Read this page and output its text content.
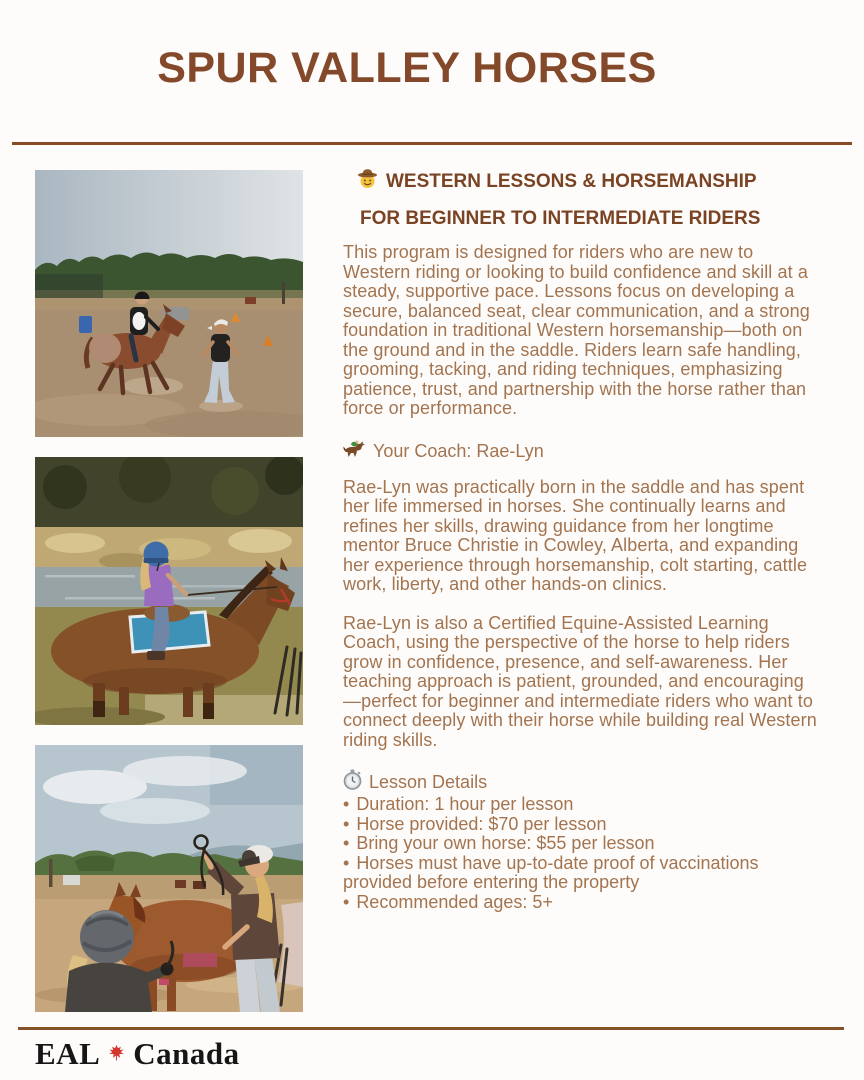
SPUR VALLEY HORSES
WESTERN LESSONS & HORSEMANSHIP
FOR BEGINNER TO INTERMEDIATE RIDERS

This program is designed for riders who are new to Western riding or looking to build confidence and skill at a steady, supportive pace. Lessons focus on developing a secure, balanced seat, clear communication, and a strong foundation in traditional Western horsemanship—both on the ground and in the saddle. Riders learn safe handling, grooming, tacking, and riding techniques, emphasizing patience, trust, and partnership with the horse rather than force or performance.

Your Coach: Rae-Lyn

Rae-Lyn was practically born in the saddle and has spent her life immersed in horses. She continually learns and refines her skills, drawing guidance from her longtime mentor Bruce Christie in Cowley, Alberta, and expanding her experience through horsemanship, colt starting, cattle work, liberty, and other hands-on clinics.

Rae-Lyn is also a Certified Equine-Assisted Learning Coach, using the perspective of the horse to help riders grow in confidence, presence, and self-awareness. Her teaching approach is patient, grounded, and encouraging—perfect for beginner and intermediate riders who want to connect deeply with their horse while building real Western riding skills.

Lesson Details
• Duration: 1 hour per lesson
• Horse provided: $70 per lesson
• Bring your own horse: $55 per lesson
• Horses must have up-to-date proof of vaccinations provided before entering the property
• Recommended ages: 5+
EAL Canada
